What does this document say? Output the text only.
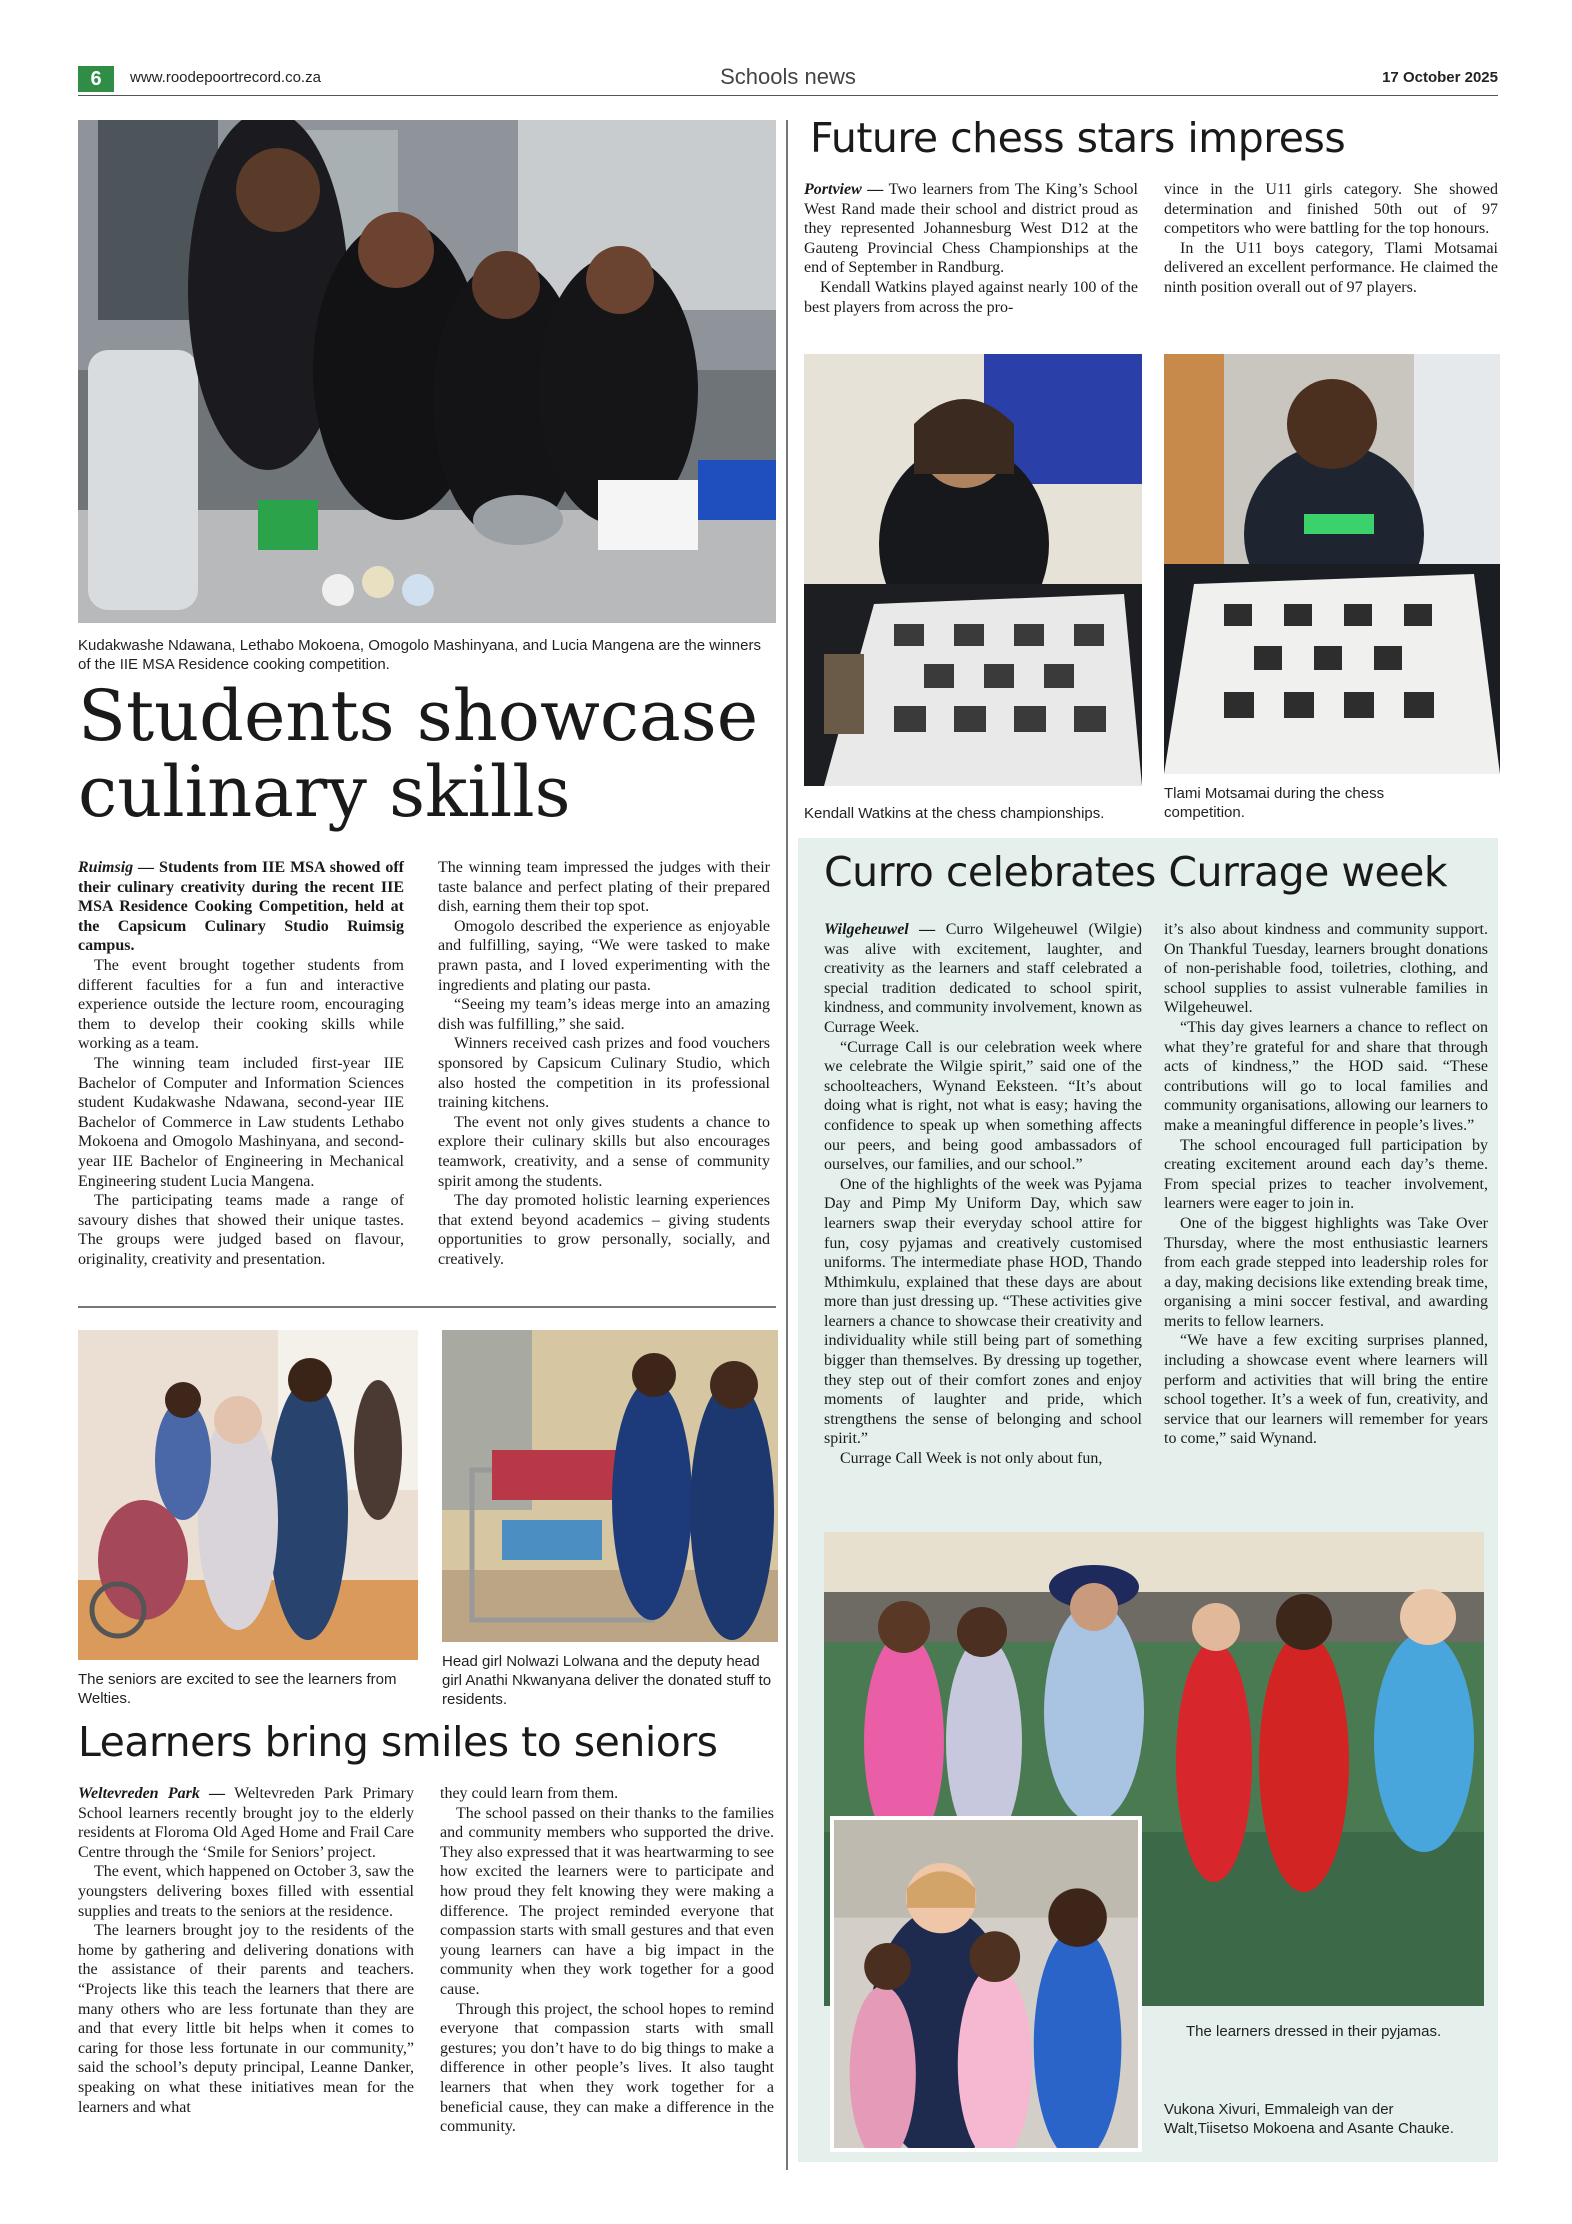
6	www.roodepoortrecord.co.za	Schools news	17 October 2025
Kudakwashe Ndawana, Lethabo Mokoena, Omogolo Mashinyana, and Lucia Mangena are the winners of the IIE MSA Residence cooking competition.
Students showcase
culinary skills

Ruimsig — Students from IIE MSA showed off their culinary creativity during the recent IIE MSA Residence Cooking Competition, held at the Capsicum Culinary Studio Ruimsig campus.

The event brought together students from different faculties for a fun and interactive experience outside the lecture room, encouraging them to develop their cooking skills while working as a team.

The winning team included first-year IIE Bachelor of Computer and Information Sciences student Kudakwashe Ndawana, second-year IIE Bachelor of Commerce in Law students Lethabo Mokoena and Omogolo Mashinyana, and second-year IIE Bachelor of Engineering in Mechanical Engineering student Lucia Mangena.

The participating teams made a range of savoury dishes that showed their unique tastes. The groups were judged based on flavour, originality, creativity and presentation.

The winning team impressed the judges with their taste balance and perfect plating of their prepared dish, earning them their top spot.

Omogolo described the experience as enjoyable and fulfilling, saying, “We were tasked to make prawn pasta, and I loved experimenting with the ingredients and plating our pasta.

“Seeing my team’s ideas merge into an amazing dish was fulfilling,” she said.

Winners received cash prizes and food vouchers sponsored by Capsicum Culinary Studio, which also hosted the competition in its professional training kitchens.

The event not only gives students a chance to explore their culinary skills but also encourages teamwork, creativity, and a sense of community spirit among the students.

The day promoted holistic learning experiences that extend beyond academics – giving students opportunities to grow personally, socially, and creatively.

Future chess stars impress

Portview — Two learners from The King’s School West Rand made their school and district proud as they represented Johannesburg West D12 at the Gauteng Provincial Chess Championships at the end of September in Randburg.

Kendall Watkins played against nearly 100 of the best players from across the pro-

vince in the U11 girls category. She showed determination and finished 50th out of 97 competitors who were battling for the top honours.

In the U11 boys category, Tlami Motsamai delivered an excellent performance. He claimed the ninth position overall out of 97 players.

Kendall Watkins at the chess championships.
Tlami Motsamai during the chess competition.
Curro celebrates Currage week

Wilgeheuwel — Curro Wilgeheuwel (Wilgie) was alive with excitement, laughter, and creativity as the learners and staff celebrated a special tradition dedicated to school spirit, kindness, and community involvement, known as Currage Week.

“Currage Call is our celebration week where we celebrate the Wilgie spirit,” said one of the schoolteachers, Wynand Eeksteen. “It’s about doing what is right, not what is easy; having the confidence to speak up when something affects our peers, and being good ambassadors of ourselves, our families, and our school.”

One of the highlights of the week was Pyjama Day and Pimp My Uniform Day, which saw learners swap their everyday school attire for fun, cosy pyjamas and creatively customised uniforms. The intermediate phase HOD, Thando Mthimkulu, explained that these days are about more than just dressing up. “These activities give learners a chance to showcase their creativity and individuality while still being part of something bigger than themselves. By dressing up together, they step out of their comfort zones and enjoy moments of laughter and pride, which strengthens the sense of belonging and school spirit.”

Currage Call Week is not only about fun,

it’s also about kindness and community support. On Thankful Tuesday, learners brought donations of non-perishable food, toiletries, clothing, and school supplies to assist vulnerable families in Wilgeheuwel.

“This day gives learners a chance to reflect on what they’re grateful for and share that through acts of kindness,” the HOD said. “These contributions will go to local families and community organisations, allowing our learners to make a meaningful difference in people’s lives.”

The school encouraged full participation by creating excitement around each day’s theme. From special prizes to teacher involvement, learners were eager to join in.

One of the biggest highlights was Take Over Thursday, where the most enthusiastic learners from each grade stepped into leadership roles for a day, making decisions like extending break time, organising a mini soccer festival, and awarding merits to fellow learners.

“We have a few exciting surprises planned, including a showcase event where learners will perform and activities that will bring the entire school together. It’s a week of fun, creativity, and service that our learners will remember for years to come,” said Wynand.

The learners dressed in their pyjamas.
Vukona Xivuri, Emmaleigh van der Walt,Tiisetso Mokoena and Asante Chauke.
The seniors are excited to see the learners from Welties.
Head girl Nolwazi Lolwana and the deputy head girl Anathi Nkwanyana deliver the donated stuff to residents.
Learners bring smiles to seniors

Weltevreden Park — Weltevreden Park Primary School learners recently brought joy to the elderly residents at Floroma Old Aged Home and Frail Care Centre through the ‘Smile for Seniors’ project.

The event, which happened on October 3, saw the youngsters delivering boxes filled with essential supplies and treats to the seniors at the residence.

The learners brought joy to the residents of the home by gathering and delivering donations with the assistance of their parents and teachers. “Projects like this teach the learners that there are many others who are less fortunate than they are and that every little bit helps when it comes to caring for those less fortunate in our community,” said the school’s deputy principal, Leanne Danker, speaking on what these initiatives mean for the learners and what

they could learn from them.

The school passed on their thanks to the families and community members who supported the drive. They also expressed that it was heartwarming to see how excited the learners were to participate and how proud they felt knowing they were making a difference. The project reminded everyone that compassion starts with small gestures and that even young learners can have a big impact in the community when they work together for a good cause.

Through this project, the school hopes to remind everyone that compassion starts with small gestures; you don’t have to do big things to make a difference in other people’s lives. It also taught learners that when they work together for a beneficial cause, they can make a difference in the community.
